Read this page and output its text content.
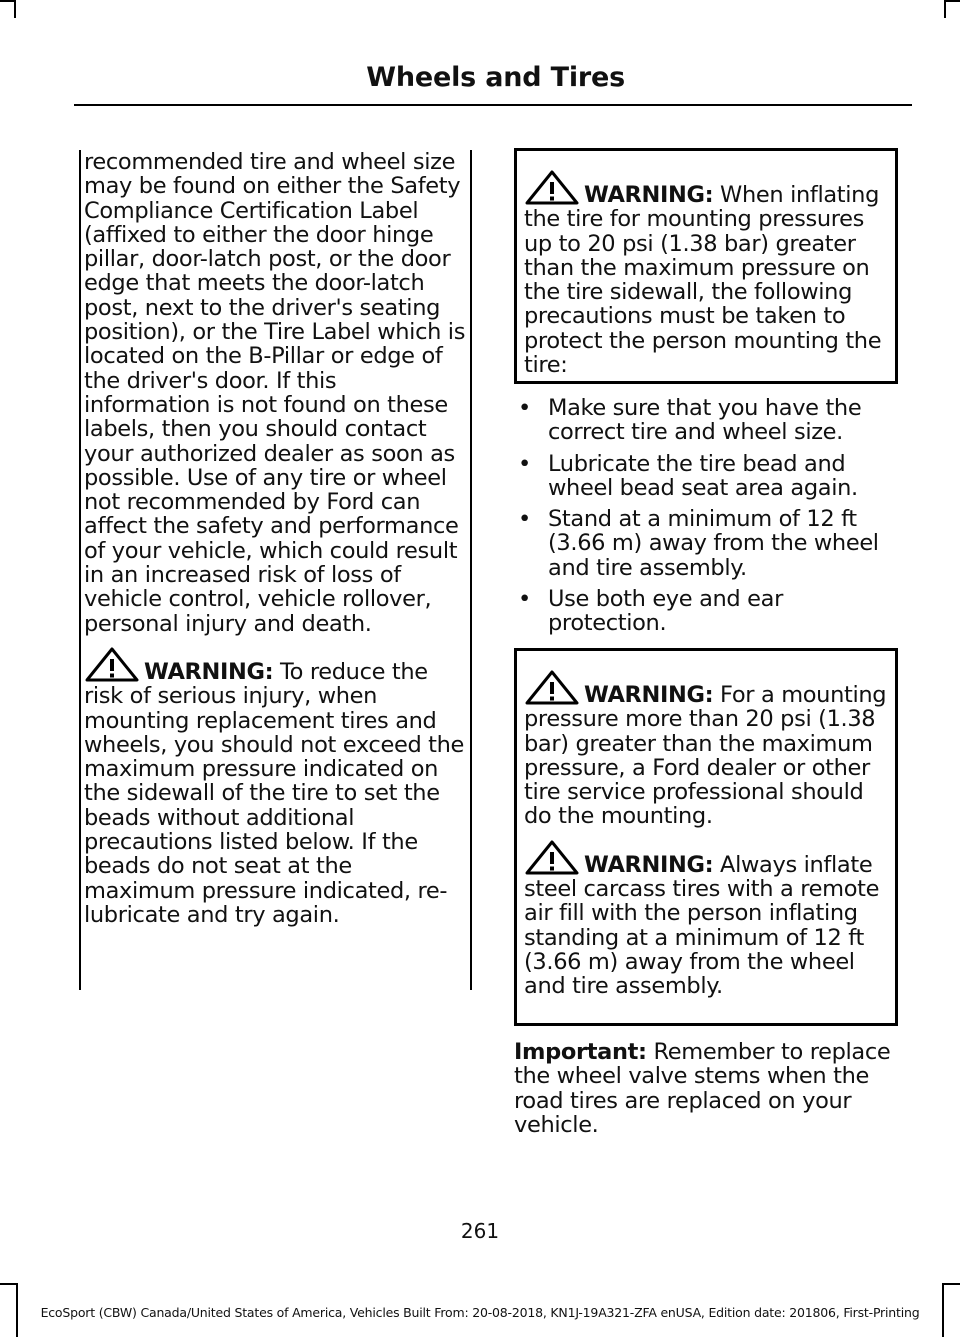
Wheels and Tires

recommended tire and wheel size may be found on either the Safety Compliance Certification Label (affixed to either the door hinge pillar, door-latch post, or the door edge that meets the door-latch post, next to the driver's seating position), or the Tire Label which is located on the B-Pillar or edge of the driver's door. If this information is not found on these labels, then you should contact your authorized dealer as soon as possible. Use of any tire or wheel not recommended by Ford can affect the safety and performance of your vehicle, which could result in an increased risk of loss of vehicle control, vehicle rollover, personal injury and death.

WARNING: To reduce the risk of serious injury, when mounting replacement tires and wheels, you should not exceed the maximum pressure indicated on the sidewall of the tire to set the beads without additional precautions listed below. If the beads do not seat at the maximum pressure indicated, re-lubricate and try again.

WARNING: When inflating the tire for mounting pressures up to 20 psi (1.38 bar) greater than the maximum pressure on the tire sidewall, the following precautions must be taken to protect the person mounting the tire:

• Make sure that you have the correct tire and wheel size.
• Lubricate the tire bead and wheel bead seat area again.
• Stand at a minimum of 12 ft (3.66 m) away from the wheel and tire assembly.
• Use both eye and ear protection.

WARNING: For a mounting pressure more than 20 psi (1.38 bar) greater than the maximum pressure, a Ford dealer or other tire service professional should do the mounting.

WARNING: Always inflate steel carcass tires with a remote air fill with the person inflating standing at a minimum of 12 ft (3.66 m) away from the wheel and tire assembly.

Important: Remember to replace the wheel valve stems when the road tires are replaced on your vehicle.

261
EcoSport (CBW) Canada/United States of America, Vehicles Built From: 20-08-2018, KN1J-19A321-ZFA enUSA, Edition date: 201806, First-Printing
